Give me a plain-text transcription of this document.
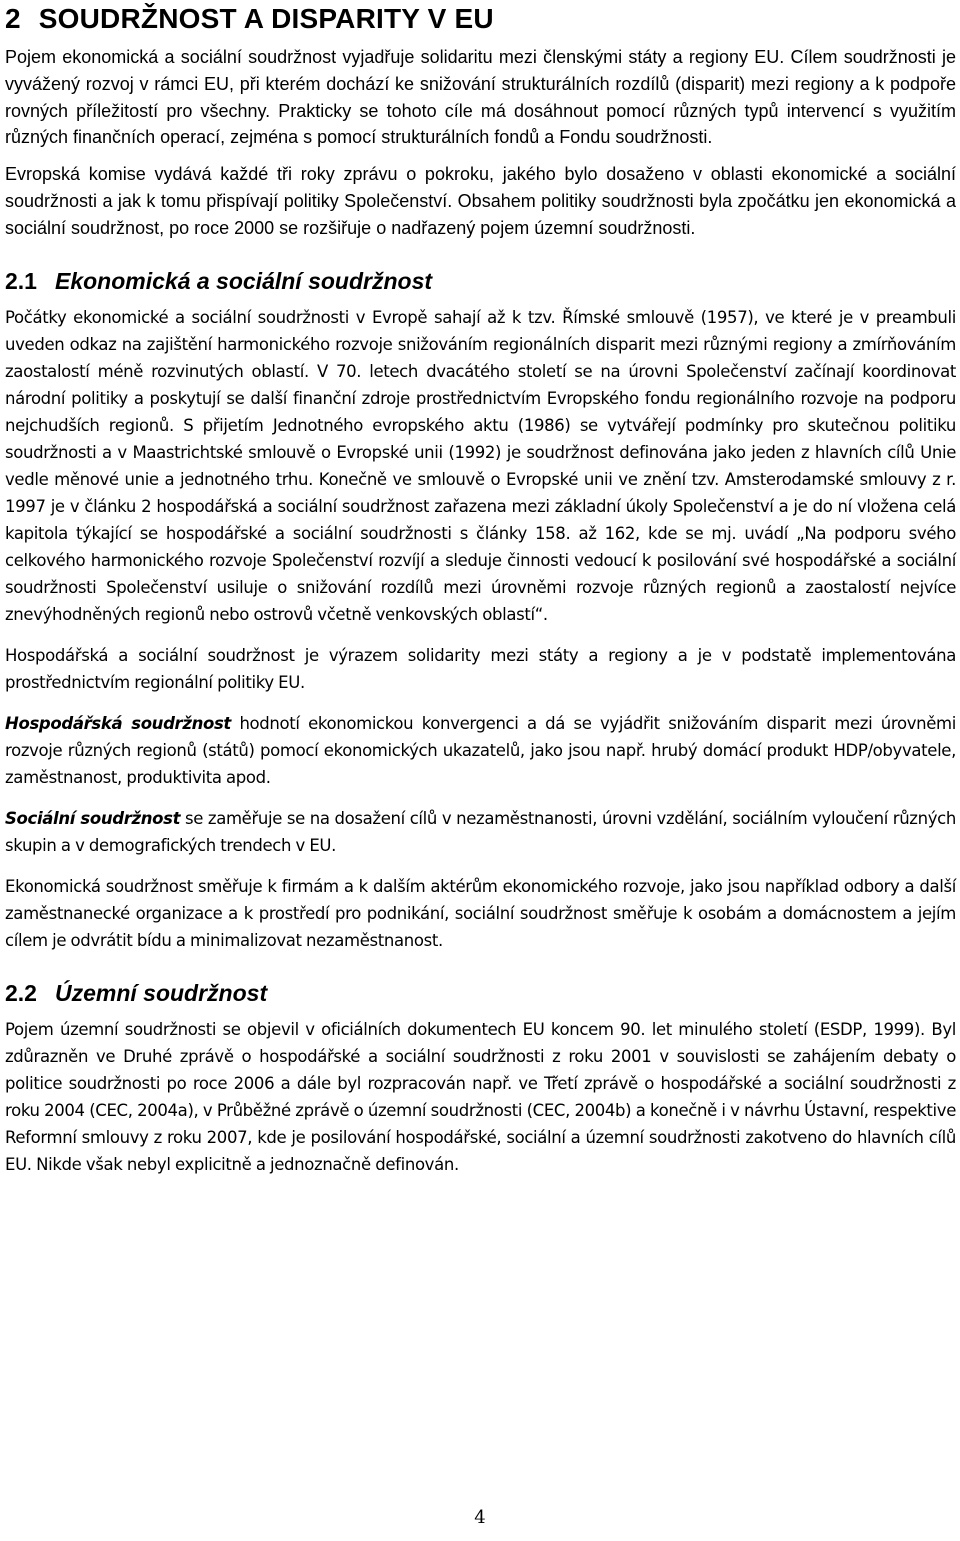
2 SOUDRŽNOST A DISPARITY V EU

Pojem ekonomická a sociální soudržnost vyjadřuje solidaritu mezi členskými státy a regiony EU. Cílem soudržnosti je vyvážený rozvoj v rámci EU, při kterém dochází ke snižování strukturálních rozdílů (disparit) mezi regiony a k podpoře rovných příležitostí pro všechny. Prakticky se tohoto cíle má dosáhnout pomocí různých typů intervencí s využitím různých finančních operací, zejména s pomocí strukturálních fondů a Fondu soudržnosti.

Evropská komise vydává každé tři roky zprávu o pokroku, jakého bylo dosaženo v oblasti ekonomické a sociální soudržnosti a jak k tomu přispívají politiky Společenství. Obsahem politiky soudržnosti byla zpočátku jen ekonomická a sociální soudržnost, po roce 2000 se rozšiřuje o nadřazený pojem územní soudržnosti.

2.1 Ekonomická a sociální soudržnost

Počátky ekonomické a sociální soudržnosti v Evropě sahají až k tzv. Římské smlouvě (1957), ve které je v preambuli uveden odkaz na zajištění harmonického rozvoje snižováním regionálních disparit mezi různými regiony a zmírňováním zaostalostí méně rozvinutých oblastí. V 70. letech dvacátého století se na úrovni Společenství začínají koordinovat národní politiky a poskytují se další finanční zdroje prostřednictvím Evropského fondu regionálního rozvoje na podporu nejchudších regionů. S přijetím Jednotného evropského aktu (1986) se vytvářejí podmínky pro skutečnou politiku soudržnosti a v Maastrichtské smlouvě o Evropské unii (1992) je soudržnost definována jako jeden z hlavních cílů Unie vedle měnové unie a jednotného trhu. Konečně ve smlouvě o Evropské unii ve znění tzv. Amsterodamské smlouvy z r. 1997 je v článku 2 hospodářská a sociální soudržnost zařazena mezi základní úkoly Společenství a je do ní vložena celá kapitola týkající se hospodářské a sociální soudržnosti s články 158. až 162, kde se mj. uvádí „Na podporu svého celkového harmonického rozvoje Společenství rozvíjí a sleduje činnosti vedoucí k posilování své hospodářské a sociální soudržnosti Společenství usiluje o snižování rozdílů mezi úrovněmi rozvoje různých regionů a zaostalostí nejvíce znevýhodněných regionů nebo ostrovů včetně venkovských oblastí“.

Hospodářská a sociální soudržnost je výrazem solidarity mezi státy a regiony a je v podstatě implementována prostřednictvím regionální politiky EU.

Hospodářská soudržnost hodnotí ekonomickou konvergenci a dá se vyjádřit snižováním disparit mezi úrovněmi rozvoje různých regionů (států) pomocí ekonomických ukazatelů, jako jsou např. hrubý domácí produkt HDP/obyvatele, zaměstnanost, produktivita apod.

Sociální soudržnost se zaměřuje se na dosažení cílů v nezaměstnanosti, úrovni vzdělání, sociálním vyloučení různých skupin a v demografických trendech v EU.

Ekonomická soudržnost směřuje k firmám a k dalším aktérům ekonomického rozvoje, jako jsou například odbory a další zaměstnanecké organizace a k prostředí pro podnikání, sociální soudržnost směřuje k osobám a domácnostem a jejím cílem je odvrátit bídu a minimalizovat nezaměstnanost.

2.2 Územní soudržnost

Pojem územní soudržnosti se objevil v oficiálních dokumentech EU koncem 90. let minulého století (ESDP, 1999). Byl zdůrazněn ve Druhé zprávě o hospodářské a sociální soudržnosti z roku 2001 v souvislosti se zahájením debaty o politice soudržnosti po roce 2006 a dále byl rozpracován např. ve Třetí zprávě o hospodářské a sociální soudržnosti z roku 2004 (CEC, 2004a), v Průběžné zprávě o územní soudržnosti (CEC, 2004b) a konečně i v návrhu Ústavní, respektive Reformní smlouvy z roku 2007, kde je posilování hospodářské, sociální a územní soudržnosti zakotveno do hlavních cílů EU. Nikde však nebyl explicitně a jednoznačně definován.

4
